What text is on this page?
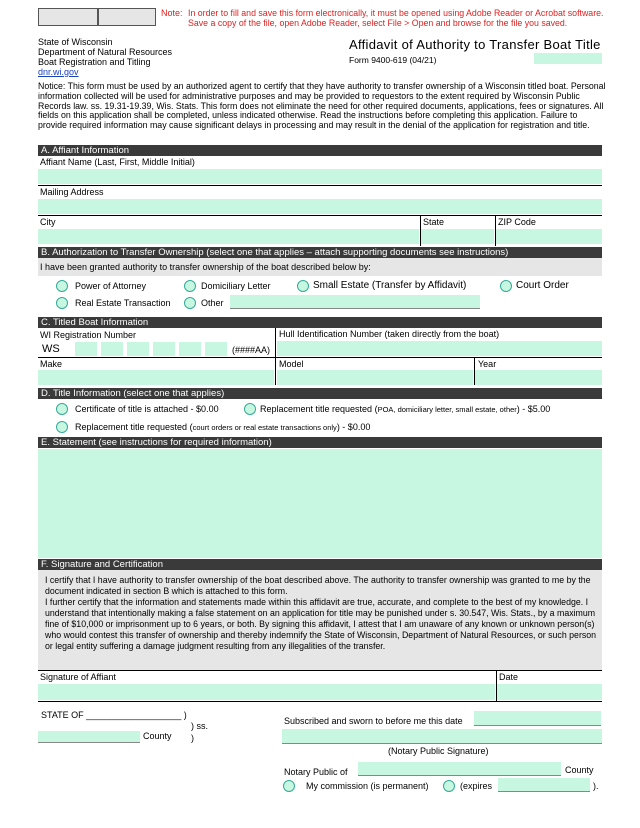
Note: In order to fill and save this form electronically, it must be opened using Adobe Reader or Acrobat software.
Save a copy of the file, open Adobe Reader, select File > Open and browse for the file you saved.
State of Wisconsin
Department of Natural Resources
Boat Registration and Titling
dnr.wi.gov
Affidavit of Authority to Transfer Boat Title
Form 9400-619 (04/21)
Notice: This form must be used by an authorized agent to certify that they have authority to transfer ownership of a Wisconsin titled boat. Personal information collected will be used for administrative purposes and may be provided to requestors to the extent required by Wisconsin Public Records law. ss. 19.31-19.39, Wis. Stats. This form does not eliminate the need for other required documents, applications, fees or signatures. All fields on this application shall be completed, unless indicated otherwise. Read the instructions before completing this application. Failure to provide required information may cause significant delays in processing and may result in the denial of the application for registration and title.
A. Affiant Information
Affiant Name (Last, First, Middle Initial)
Mailing Address
City	State	ZIP Code
B. Authorization to Transfer Ownership (select one that applies – attach supporting documents see instructions)
I have been granted authority to transfer ownership of the boat described below by:
Power of Attorney	Domiciliary Letter	Small Estate (Transfer by Affidavit)	Court Order
Real Estate Transaction	Other
C. Titled Boat Information
WI Registration Number	Hull Identification Number (taken directly from the boat)
WS	(####AA)
Make	Model	Year
D. Title Information (select one that applies)
Certificate of title is attached - $0.00	Replacement title requested (POA, domiciliary letter, small estate, other) - $5.00
Replacement title requested (court orders or real estate transactions only) - $0.00
E. Statement (see instructions for required information)
F. Signature and Certification
I certify that I have authority to transfer ownership of the boat described above. The authority to transfer ownership was granted to me by the document indicated in section B which is attached to this form.
I further certify that the information and statements made within this affidavit are true, accurate, and complete to the best of my knowledge. I understand that intentionally making a false statement on an application for title may be punished under s. 30.547, Wis. Stats., by a maximum fine of $10,000 or imprisonment up to 6 years, or both. By signing this affidavit, I attest that I am unaware of any known or unknown person(s) who would contest this transfer of ownership and thereby indemnify the State of Wisconsin, Department of Natural Resources, or such person or legal entity suffering a damage judgment resulting from any illegalities of the transfer.
Signature of Affiant	Date
STATE OF ___________________ )
) ss.
)
County
Subscribed and sworn to before me this date
(Notary Public Signature)
Notary Public of	County
My commission (is permanent)	(expires	).
